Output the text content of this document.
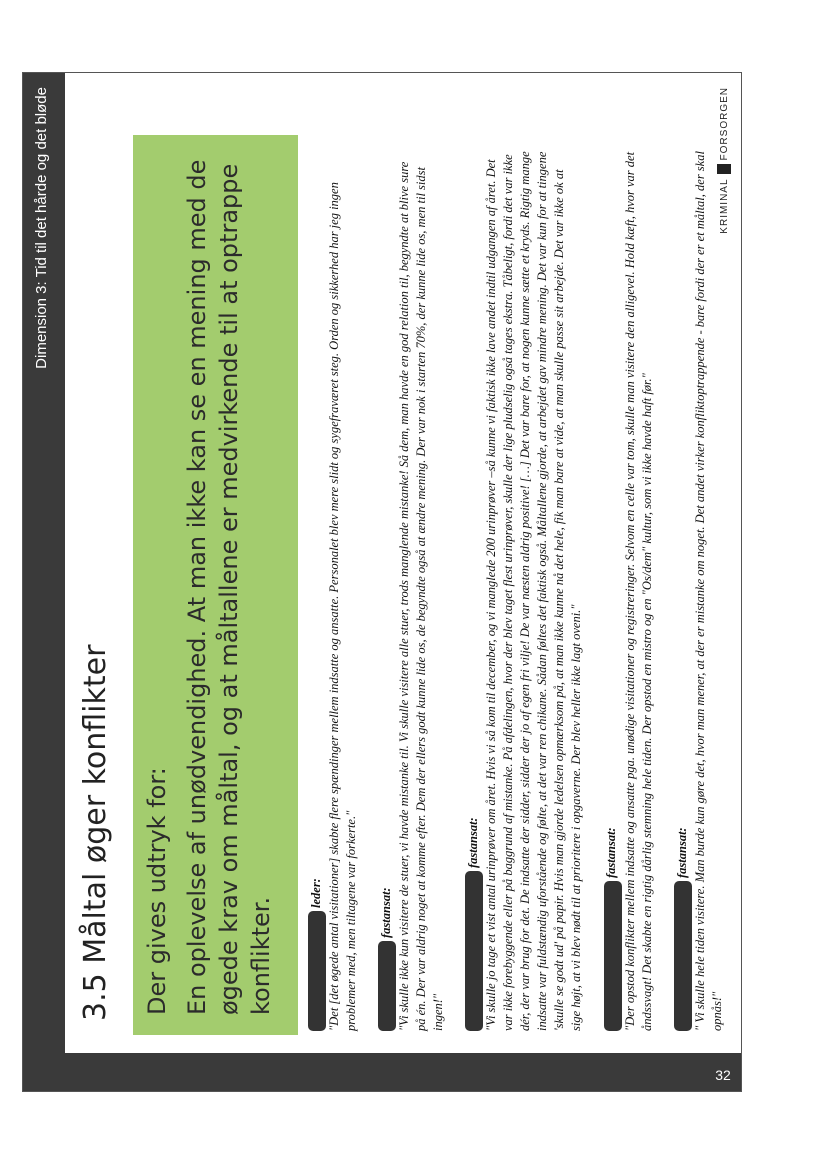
Dimension 3: Tid til det hårde og det bløde
32
3.5 Måltal øger konflikter Der gives udtryk for: En oplevelse af unødvendighed. At man ikke kan se en mening med de øgede krav om måltal, og at måltallene er medvirkende til at optrappe konflikter.
leder: "Det [det øgede antal visitationer] skabte flere spændinger mellem indsatte og ansatte. Personalet blev mere slidt og sygefraværet steg. Orden og sikkerhed har jeg ingen problemer med, men tiltagene var forkerte." fastansat: "Vi skulle ikke kun visitere de stuer, vi havde mistanke til. Vi skulle visitere alle stuer, trods manglende mistanke! Så dem, man havde en god relation til, begyndte at blive sure på én. Der var aldrig noget at komme efter. Dem der ellers godt kunne lide os, de begyndte også at ændre mening. Der var nok i starten 70%, der kunne lide os, men til sidst ingen!"
fastansat: "Vi skulle jo tage et vist antal urinprøver om året. Hvis vi så kom til december, og vi manglede 200 urinprøver –så kunne vi faktisk ikke lave andet indtil udgangen af året. Det var ikke forebyggende eller på baggrund af mistanke. På afdelingen, hvor der blev taget flest urinprøver, skulle der lige pludselig også tages ekstra. Tåbeligt, fordi det var ikke dér, der var brug for det. De indsatte der sidder, sidder der jo af egen fri vilje! De var næsten aldrig positive! […] Det var bare for, at nogen kunne sætte et kryds. Rigtig mange indsatte var fuldstændig uforstående og følte, at det var ren chikane. Sådan føltes det faktisk også. Måltallene gjorde, at arbejdet gav mindre mening. Det var kun for at tingene 'skulle se godt ud' på papir. Hvis man gjorde ledelsen opmærksom på, at man ikke kunne nå det hele, fik man bare at vide, at man skulle passe sit arbejde. Det var ikke ok at sige højt, at vi blev nødt til at prioritere i opgaverne. Der blev heller ikke lagt oveni." fastansat: "Der opstod konflikter mellem indsatte og ansatte pga. unødige visitationer og registreringer. Selvom en celle var tom, skulle man visitere den alligevel. Hold kæft, hvor var det åndssvagt! Det skabte en rigtig dårlig stemning hele tiden. Der opstod en mistro og en "Os/dem" kultur, som vi ikke havde haft før." fastansat: " Vi skulle hele tiden visitere. Man burde kun gøre det, hvor man mener, at der er mistanke om noget. Det andet virker konfliktoptrappende - bare fordi der er et måltal, der skal opnås!"
KRIMINAL
FORSORGEN
